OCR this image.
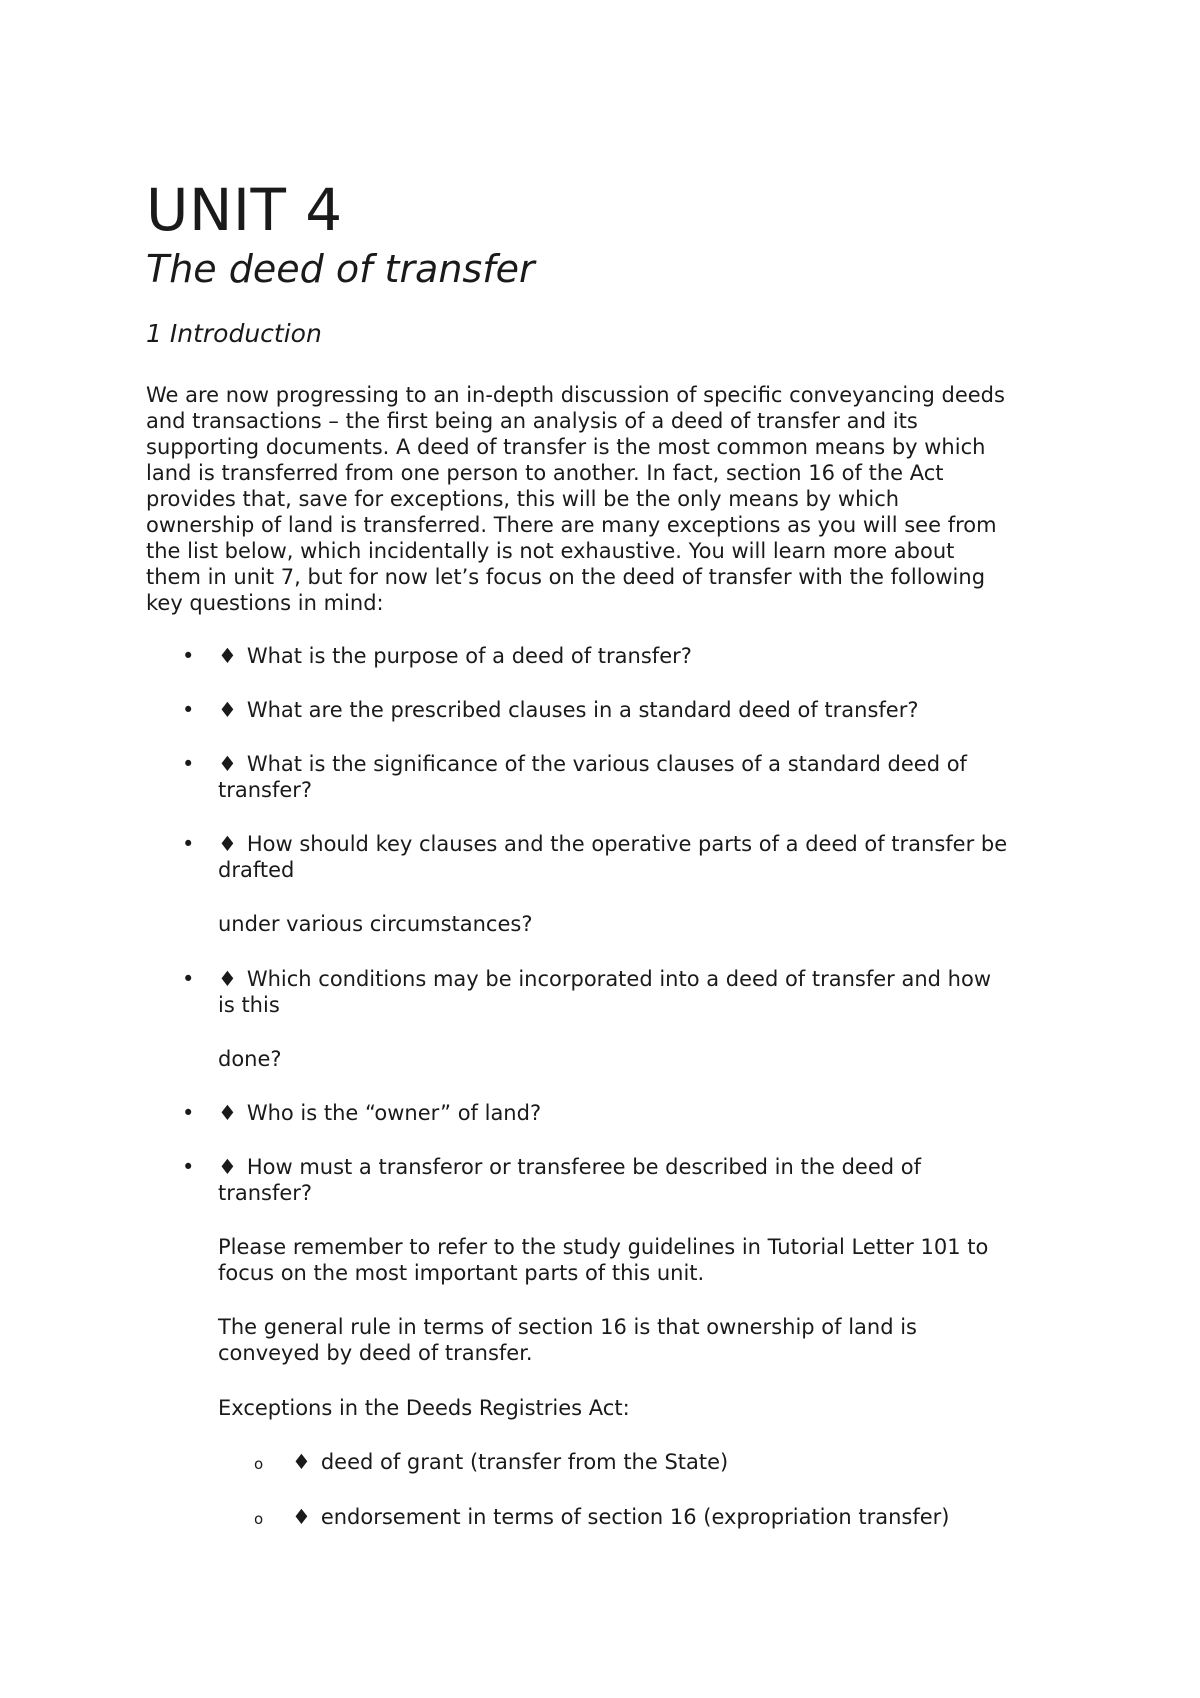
UNIT 4
The deed of transfer
1 Introduction
We are now progressing to an in-depth discussion of specific conveyancing deeds
and transactions – the first being an analysis of a deed of transfer and its
supporting documents. A deed of transfer is the most common means by which
land is transferred from one person to another. In fact, section 16 of the Act
provides that, save for exceptions, this will be the only means by which
ownership of land is transferred. There are many exceptions as you will see from
the list below, which incidentally is not exhaustive. You will learn more about
them in unit 7, but for now let’s focus on the deed of transfer with the following
key questions in mind:
• ♦ What is the purpose of a deed of transfer?
• ♦ What are the prescribed clauses in a standard deed of transfer?
• ♦ What is the significance of the various clauses of a standard deed of
transfer?
• ♦ How should key clauses and the operative parts of a deed of transfer be
drafted

under various circumstances?

• ♦ Which conditions may be incorporated into a deed of transfer and how
is this

done?

• ♦ Who is the “owner” of land?
• ♦ How must a transferor or transferee be described in the deed of
transfer?
Please remember to refer to the study guidelines in Tutorial Letter 101 to
focus on the most important parts of this unit.
The general rule in terms of section 16 is that ownership of land is
conveyed by deed of transfer.

Exceptions in the Deeds Registries Act:

o ♦ deed of grant (transfer from the State)
o ♦ endorsement in terms of section 16 (expropriation transfer)
